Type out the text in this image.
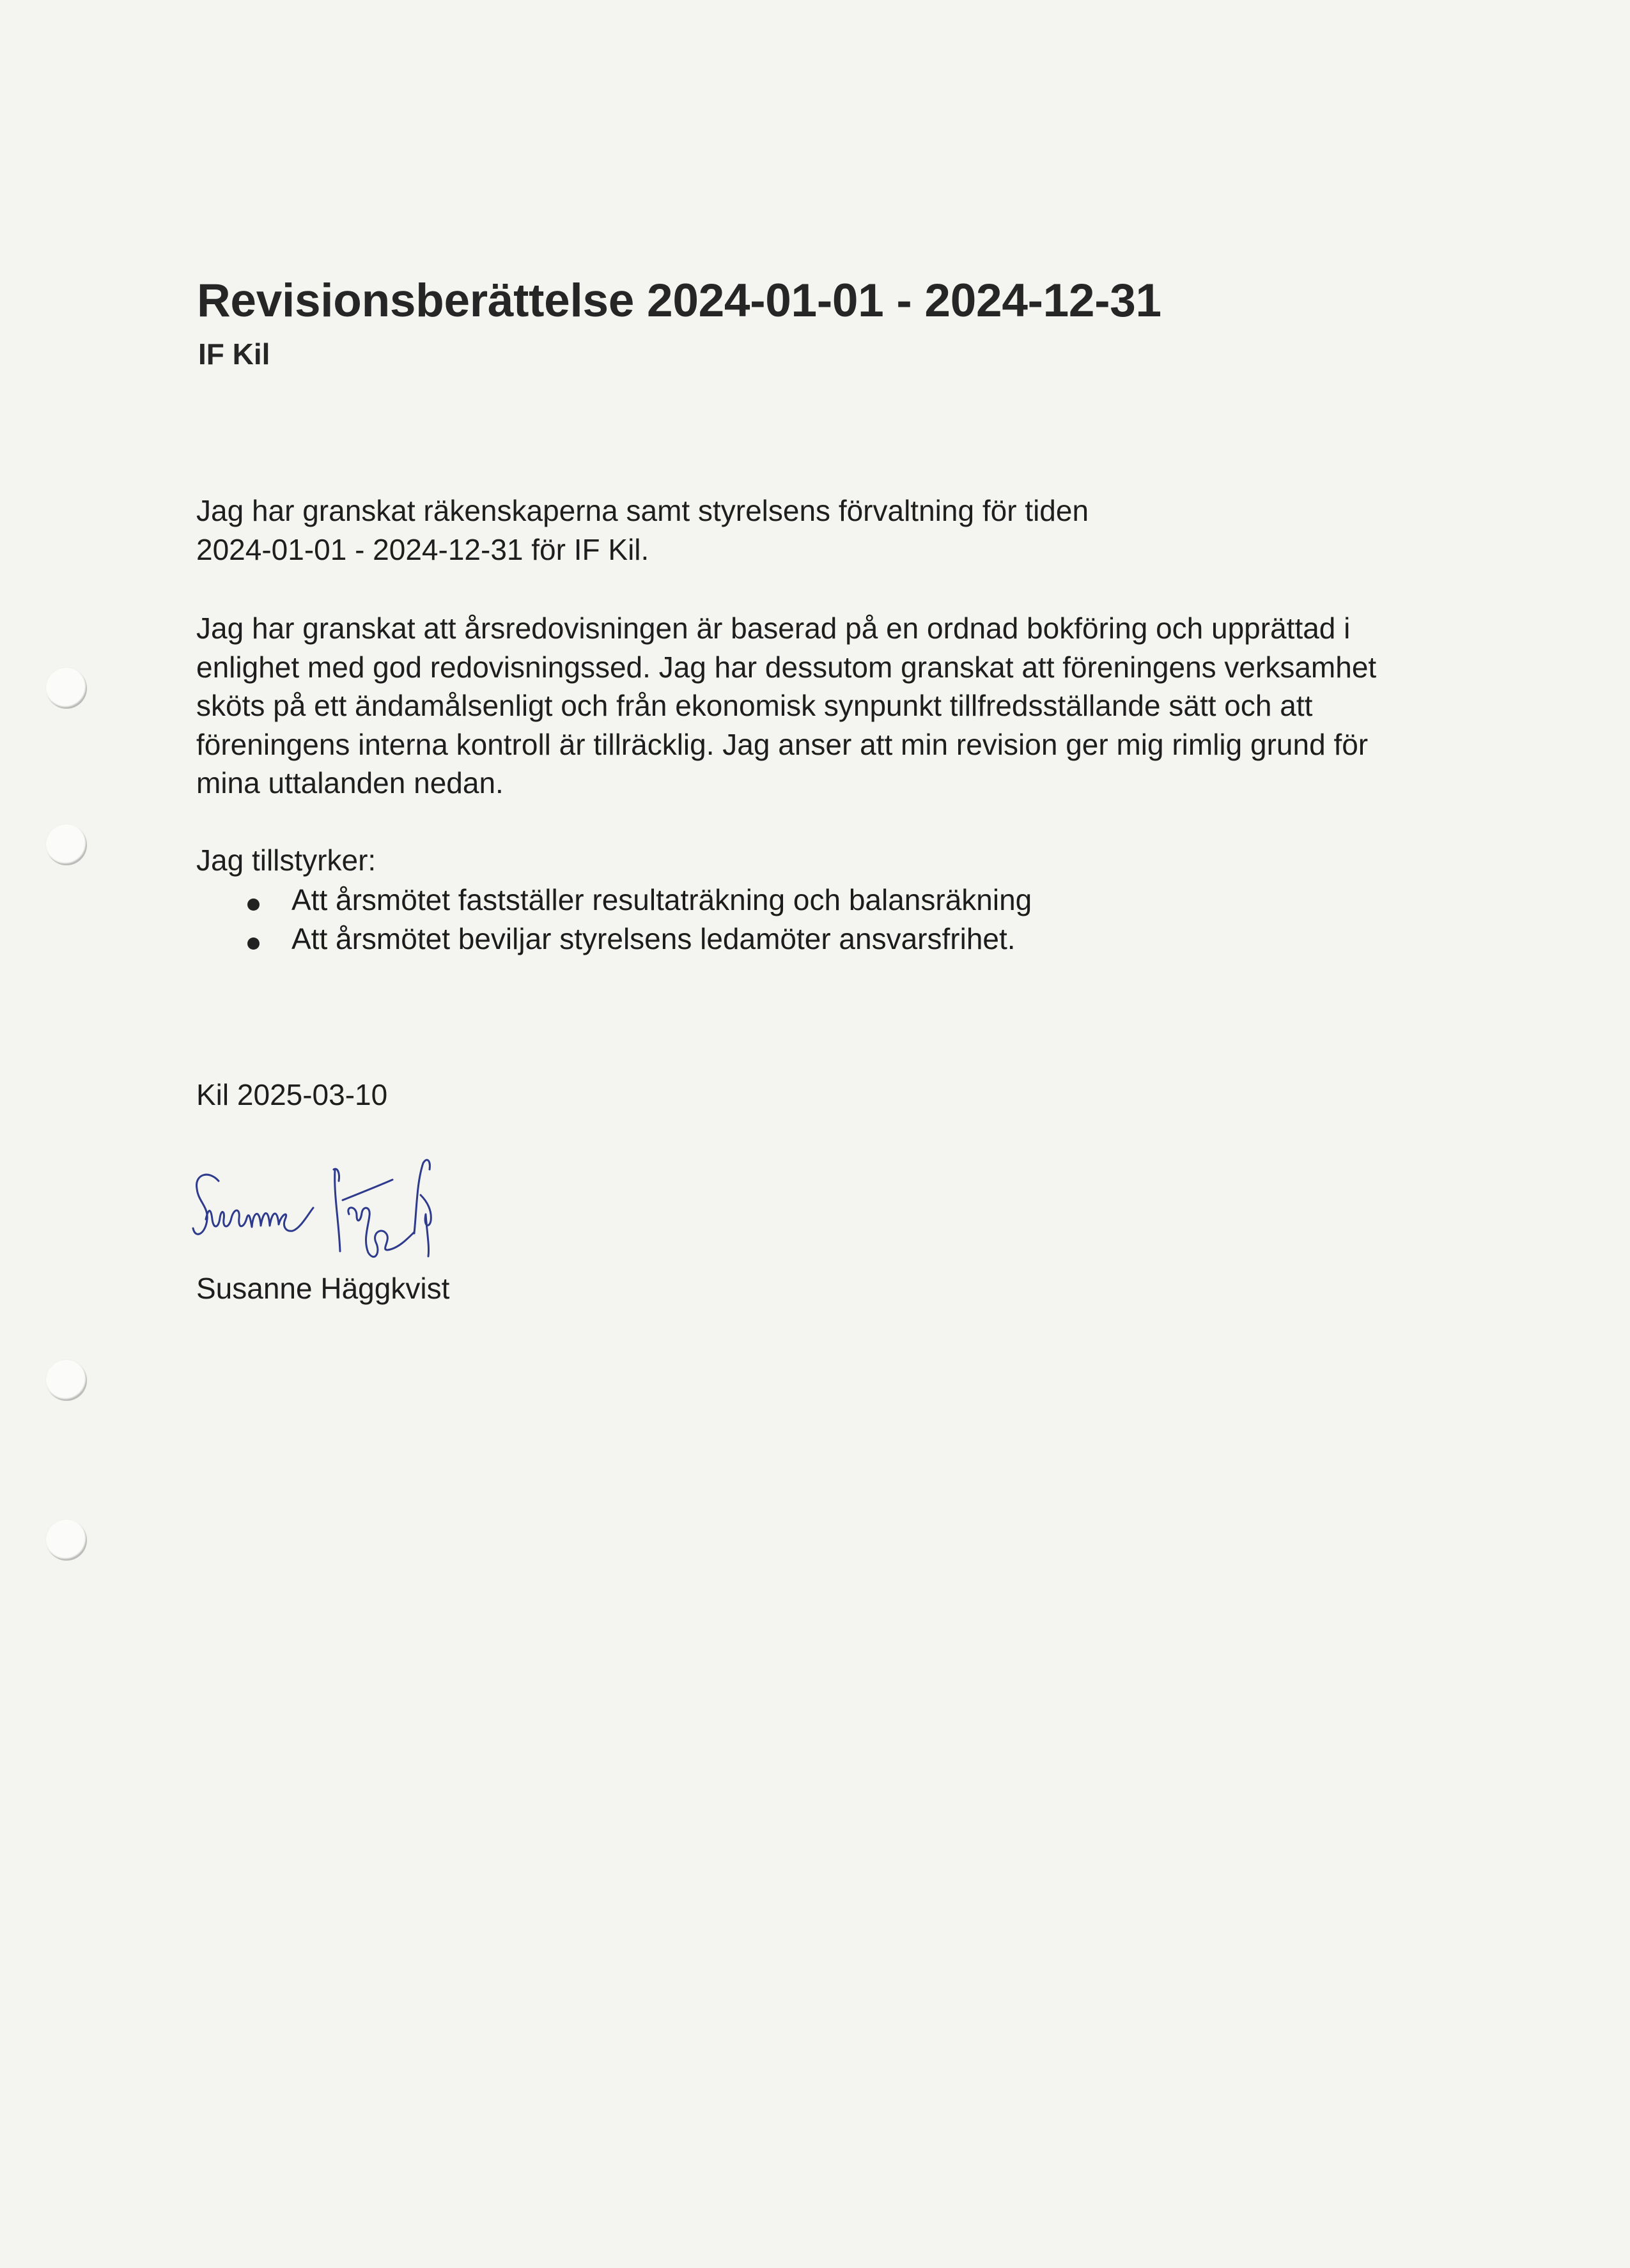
Revisionsberättelse 2024-01-01 - 2024-12-31
IF Kil
Jag har granskat räkenskaperna samt styrelsens förvaltning för tiden
2024-01-01 - 2024-12-31 för IF Kil.
Jag har granskat att årsredovisningen är baserad på en ordnad bokföring och upprättad i
enlighet med god redovisningssed. Jag har dessutom granskat att föreningens verksamhet
sköts på ett ändamålsenligt och från ekonomisk synpunkt tillfredsställande sätt och att
föreningens interna kontroll är tillräcklig. Jag anser att min revision ger mig rimlig grund för
mina uttalanden nedan.
Jag tillstyrker:
Att årsmötet fastställer resultaträkning och balansräkning
Att årsmötet beviljar styrelsens ledamöter ansvarsfrihet.
Kil 2025-03-10
Susanne Häggkvist
